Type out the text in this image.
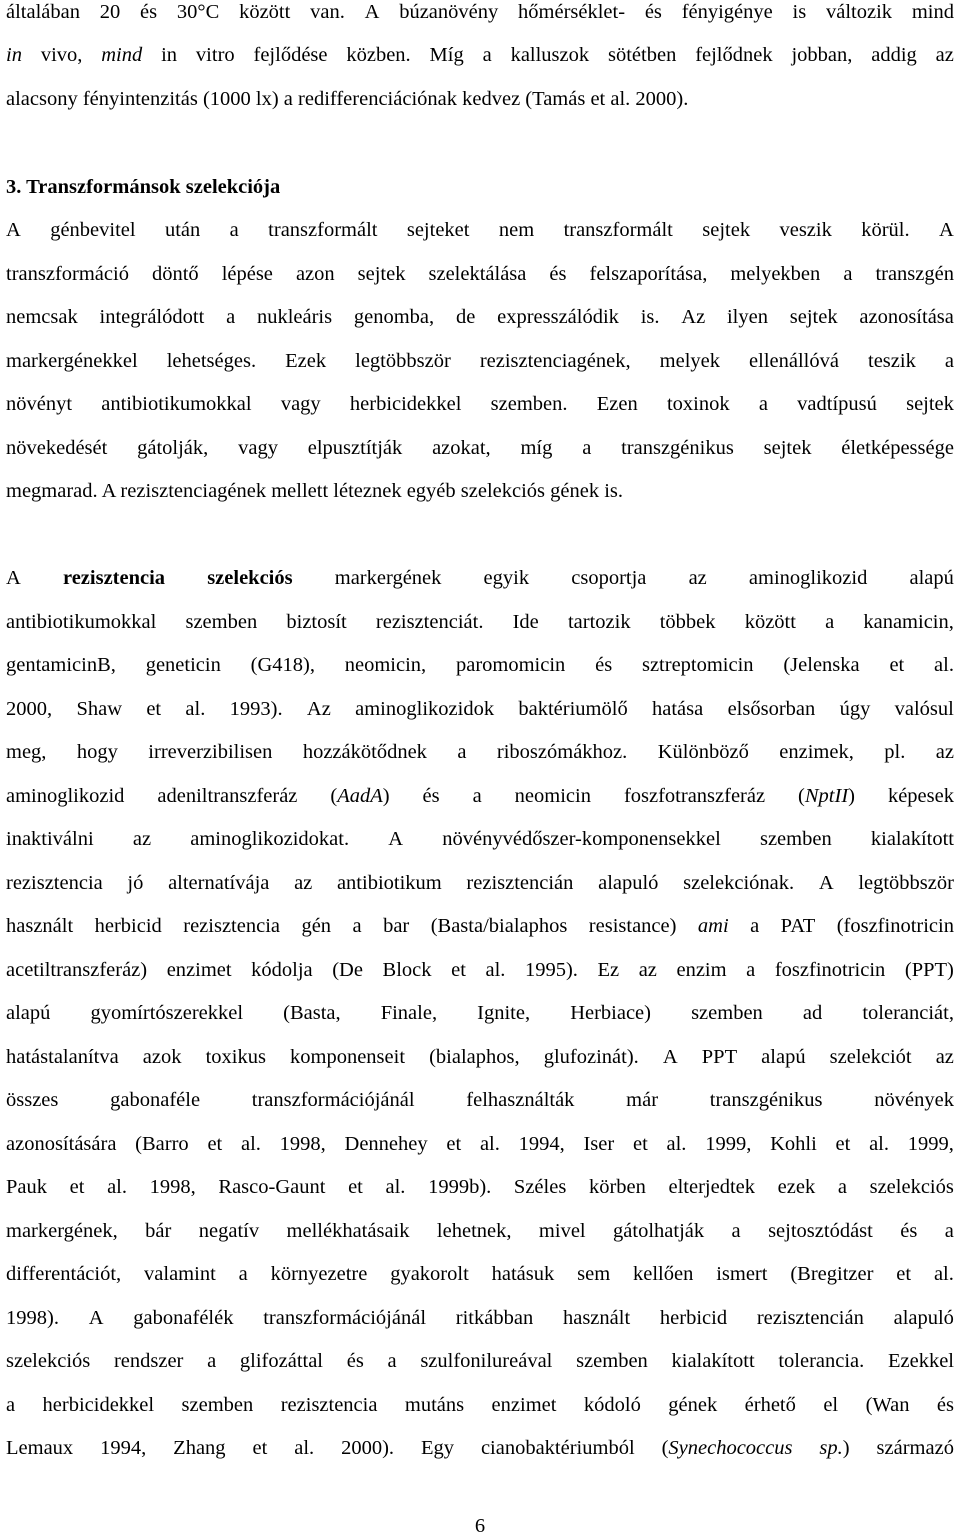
általában 20 és 30°C között van. A búzanövény hőmérséklet- és fényigénye is változik mind
in vivo, mind in vitro fejlődése közben. Míg a kalluszok sötétben fejlődnek jobban, addig az
alacsony fényintenzitás (1000 lx) a redifferenciációnak kedvez (Tamás et al. 2000).
3. Transzformánsok szelekciója
A génbevitel után a transzformált sejteket nem transzformált sejtek veszik körül. A
transzformáció döntő lépése azon sejtek szelektálása és felszaporítása, melyekben a transzgén
nemcsak integrálódott a nukleáris genomba, de expresszálódik is. Az ilyen sejtek azonosítása
markergénekkel lehetséges. Ezek legtöbbször rezisztenciagének, melyek ellenállóvá teszik a
növényt antibiotikumokkal vagy herbicidekkel szemben. Ezen toxinok a vadtípusú sejtek
növekedését gátolják, vagy elpusztítják azokat, míg a transzgénikus sejtek életképessége
megmarad. A rezisztenciagének mellett léteznek egyéb szelekciós gének is.
A rezisztencia szelekciós markergének egyik csoportja az aminoglikozid alapú
antibiotikumokkal szemben biztosít rezisztenciát. Ide tartozik többek között a kanamicin,
gentamicinB, geneticin (G418), neomicin, paromomicin és sztreptomicin (Jelenska et al.
2000, Shaw et al. 1993). Az aminoglikozidok baktériumölő hatása elsősorban úgy valósul
meg, hogy irreverzibilisen hozzákötődnek a riboszómákhoz. Különböző enzimek, pl. az
aminoglikozid adeniltranszferáz (AadA) és a neomicin foszfotranszferáz (NptII) képesek
inaktiválni az aminoglikozidokat. A növényvédőszer-komponensekkel szemben kialakított
rezisztencia jó alternatívája az antibiotikum rezisztencián alapuló szelekciónak. A legtöbbször
használt herbicid rezisztencia gén a bar (Basta/bialaphos resistance) ami a PAT (foszfinotricin
acetiltranszferáz) enzimet kódolja (De Block et al. 1995). Ez az enzim a foszfinotricin (PPT)
alapú gyomírtószerekkel (Basta, Finale, Ignite, Herbiace) szemben ad toleranciát,
hatástalanítva azok toxikus komponenseit (bialaphos, glufozinát). A PPT alapú szelekciót az
összes	gabonaféle	transzformációjánál	felhasználták	már	transzgénikus	növények
azonosítására (Barro et al. 1998, Dennehey et al. 1994, Iser et al. 1999, Kohli et al. 1999,
Pauk et al. 1998, Rasco-Gaunt et al. 1999b). Széles körben elterjedtek ezek a szelekciós
markergének, bár negatív mellékhatásaik lehetnek, mivel gátolhatják a sejtosztódást és a
differentációt, valamint a környezetre gyakorolt hatásuk sem kellően ismert (Bregitzer et al.
1998). A gabonafélék transzformációjánál ritkábban használt herbicid rezisztencián alapuló
szelekciós rendszer a glifozáttal és a szulfonilureával szemben kialakított tolerancia. Ezekkel
a herbicidekkel szemben rezisztencia mutáns enzimet kódoló gének érhető el (Wan és
Lemaux 1994, Zhang et al. 2000). Egy cianobaktériumból (Synechococcus sp.) származó
6
